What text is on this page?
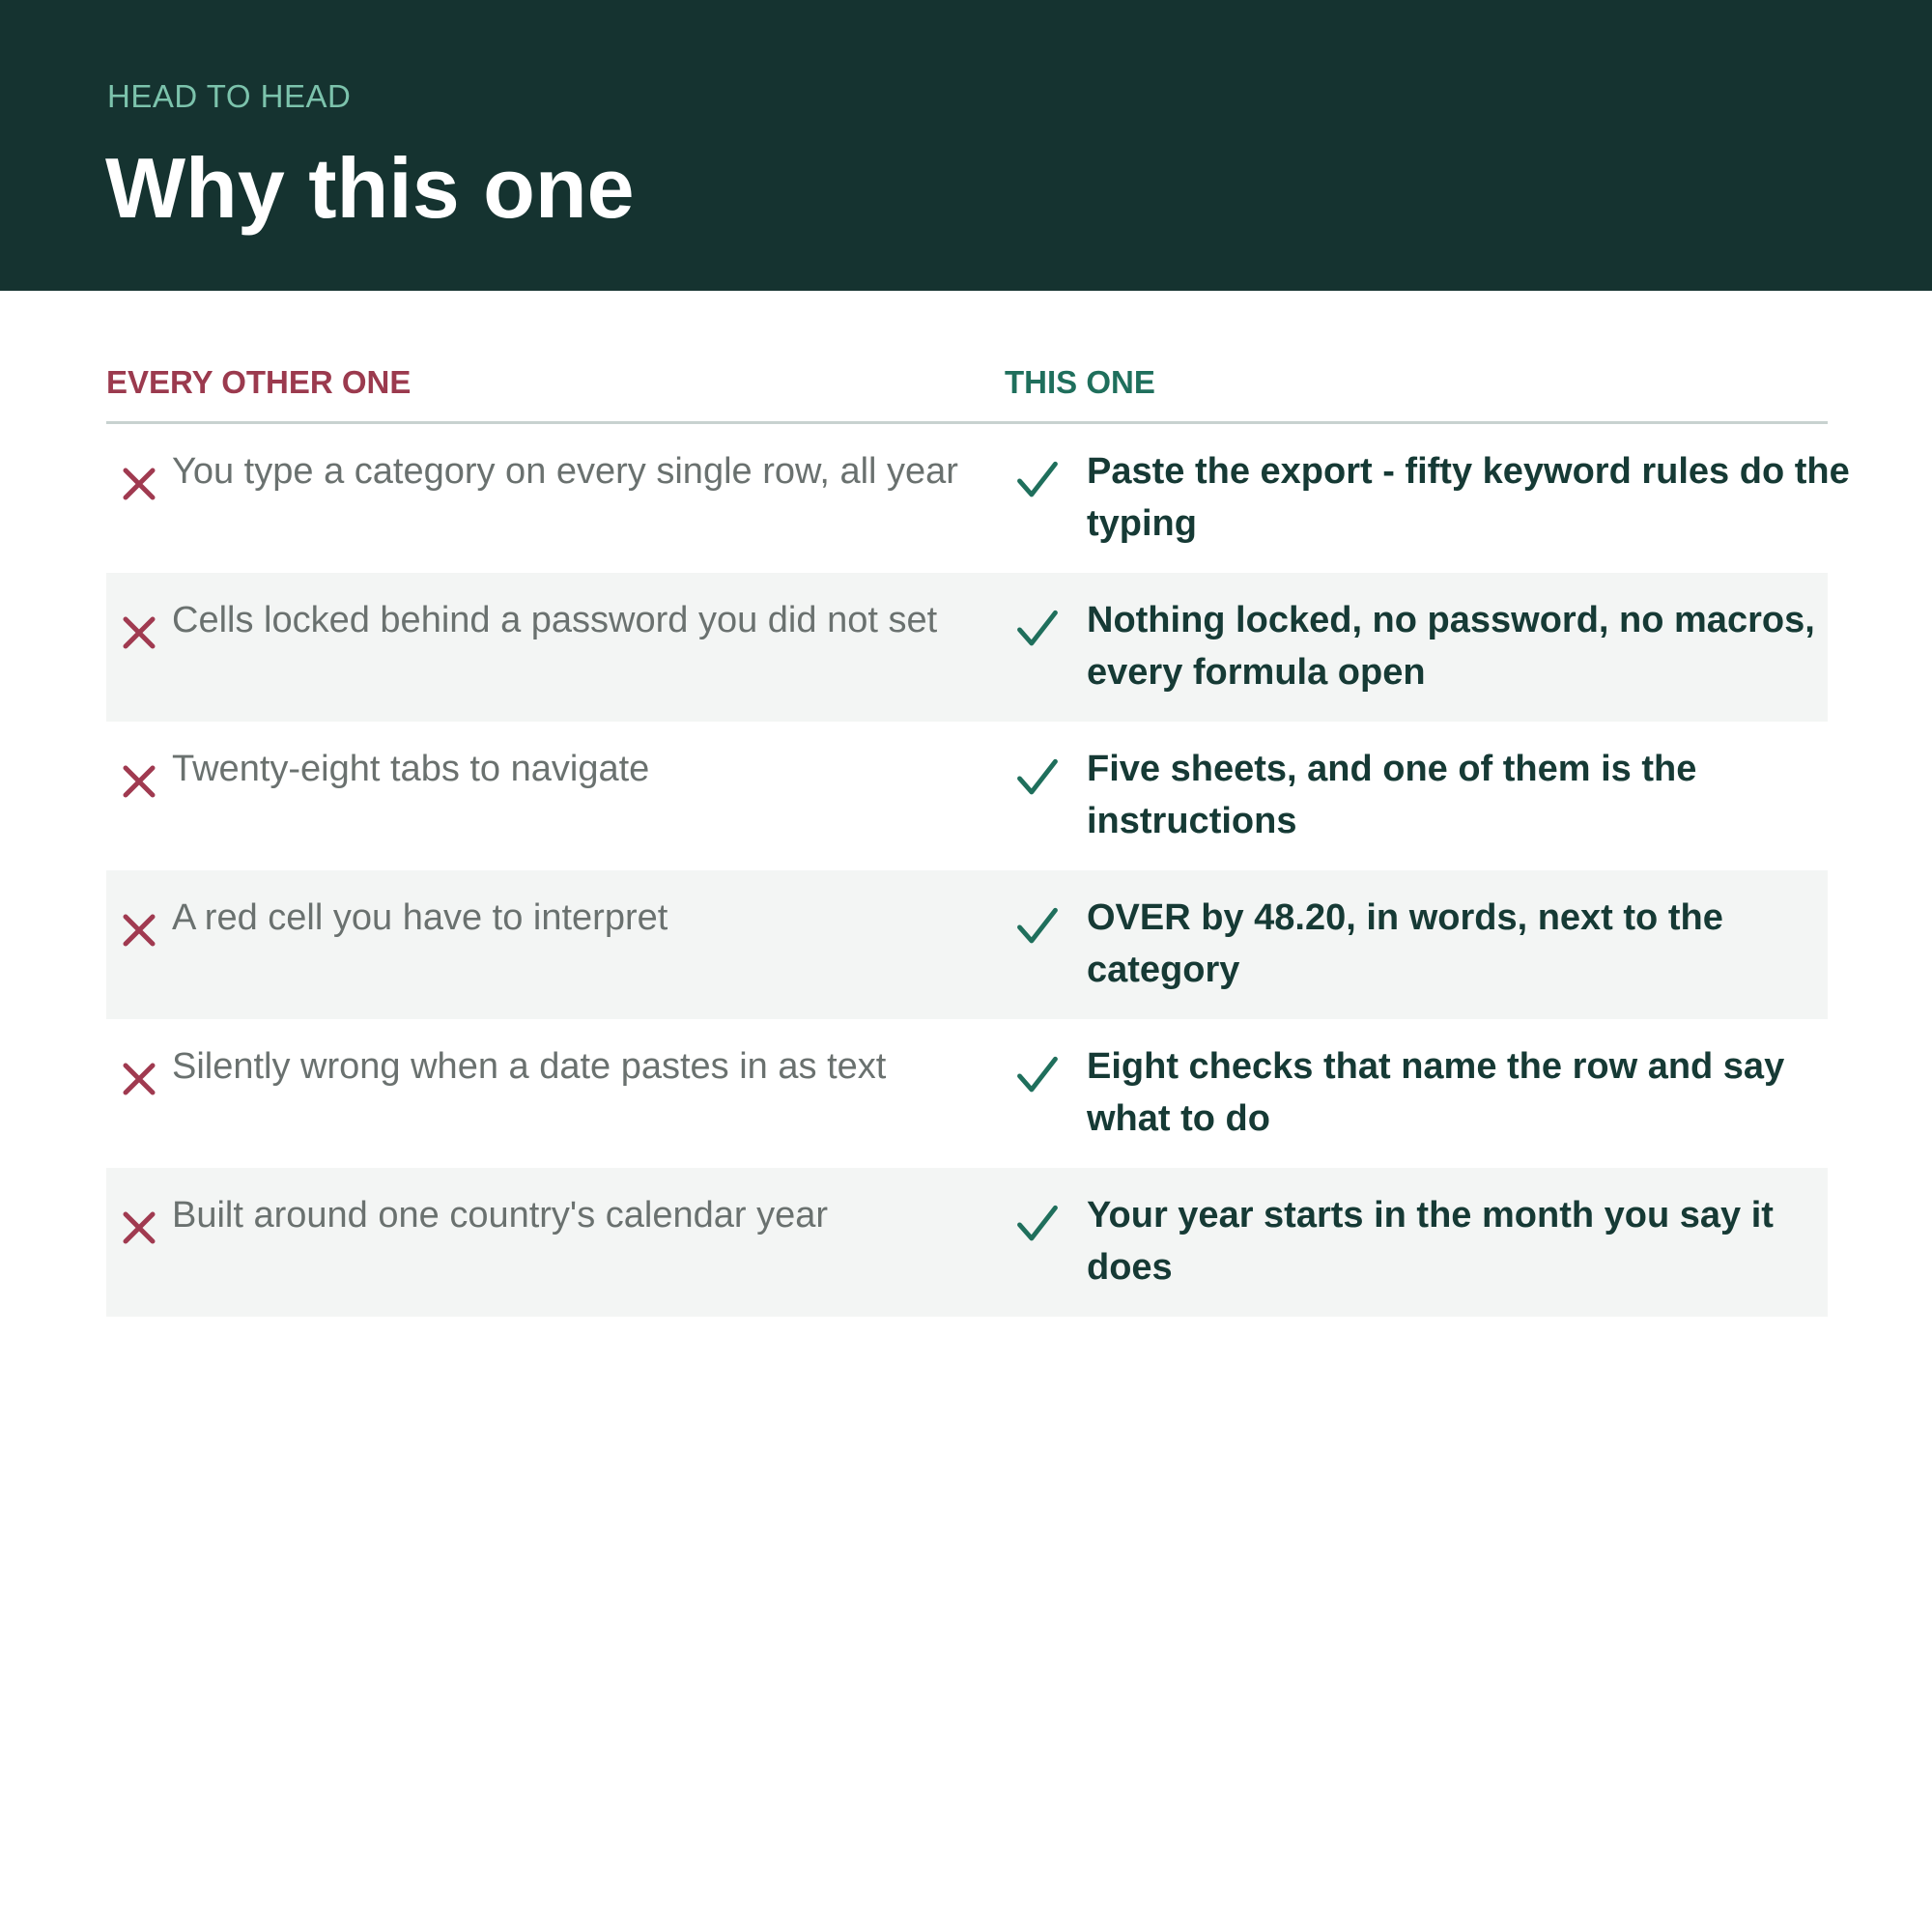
HEAD TO HEAD
Why this one
EVERY OTHER ONE	THIS ONE
You type a category on every single row, all year	Paste the export - fifty keyword rules do the typing
Cells locked behind a password you did not set	Nothing locked, no password, no macros, every formula open
Twenty-eight tabs to navigate	Five sheets, and one of them is the instructions
A red cell you have to interpret	OVER by 48.20, in words, next to the category
Silently wrong when a date pastes in as text	Eight checks that name the row and say what to do
Built around one country's calendar year	Your year starts in the month you say it does
